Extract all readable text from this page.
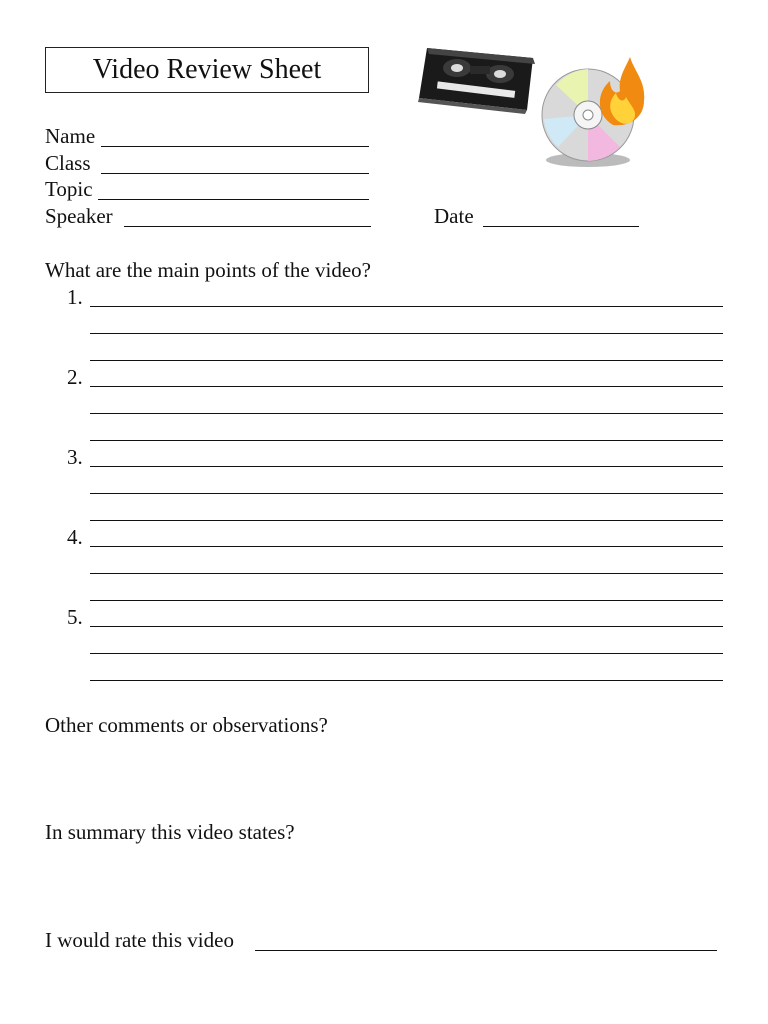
Video Review Sheet
Name
Class
Topic
Speaker	Date
What are the main points of the video?
1.
2.
3.
4.
5.
Other comments or observations?
In summary this video states?
I would rate this video
